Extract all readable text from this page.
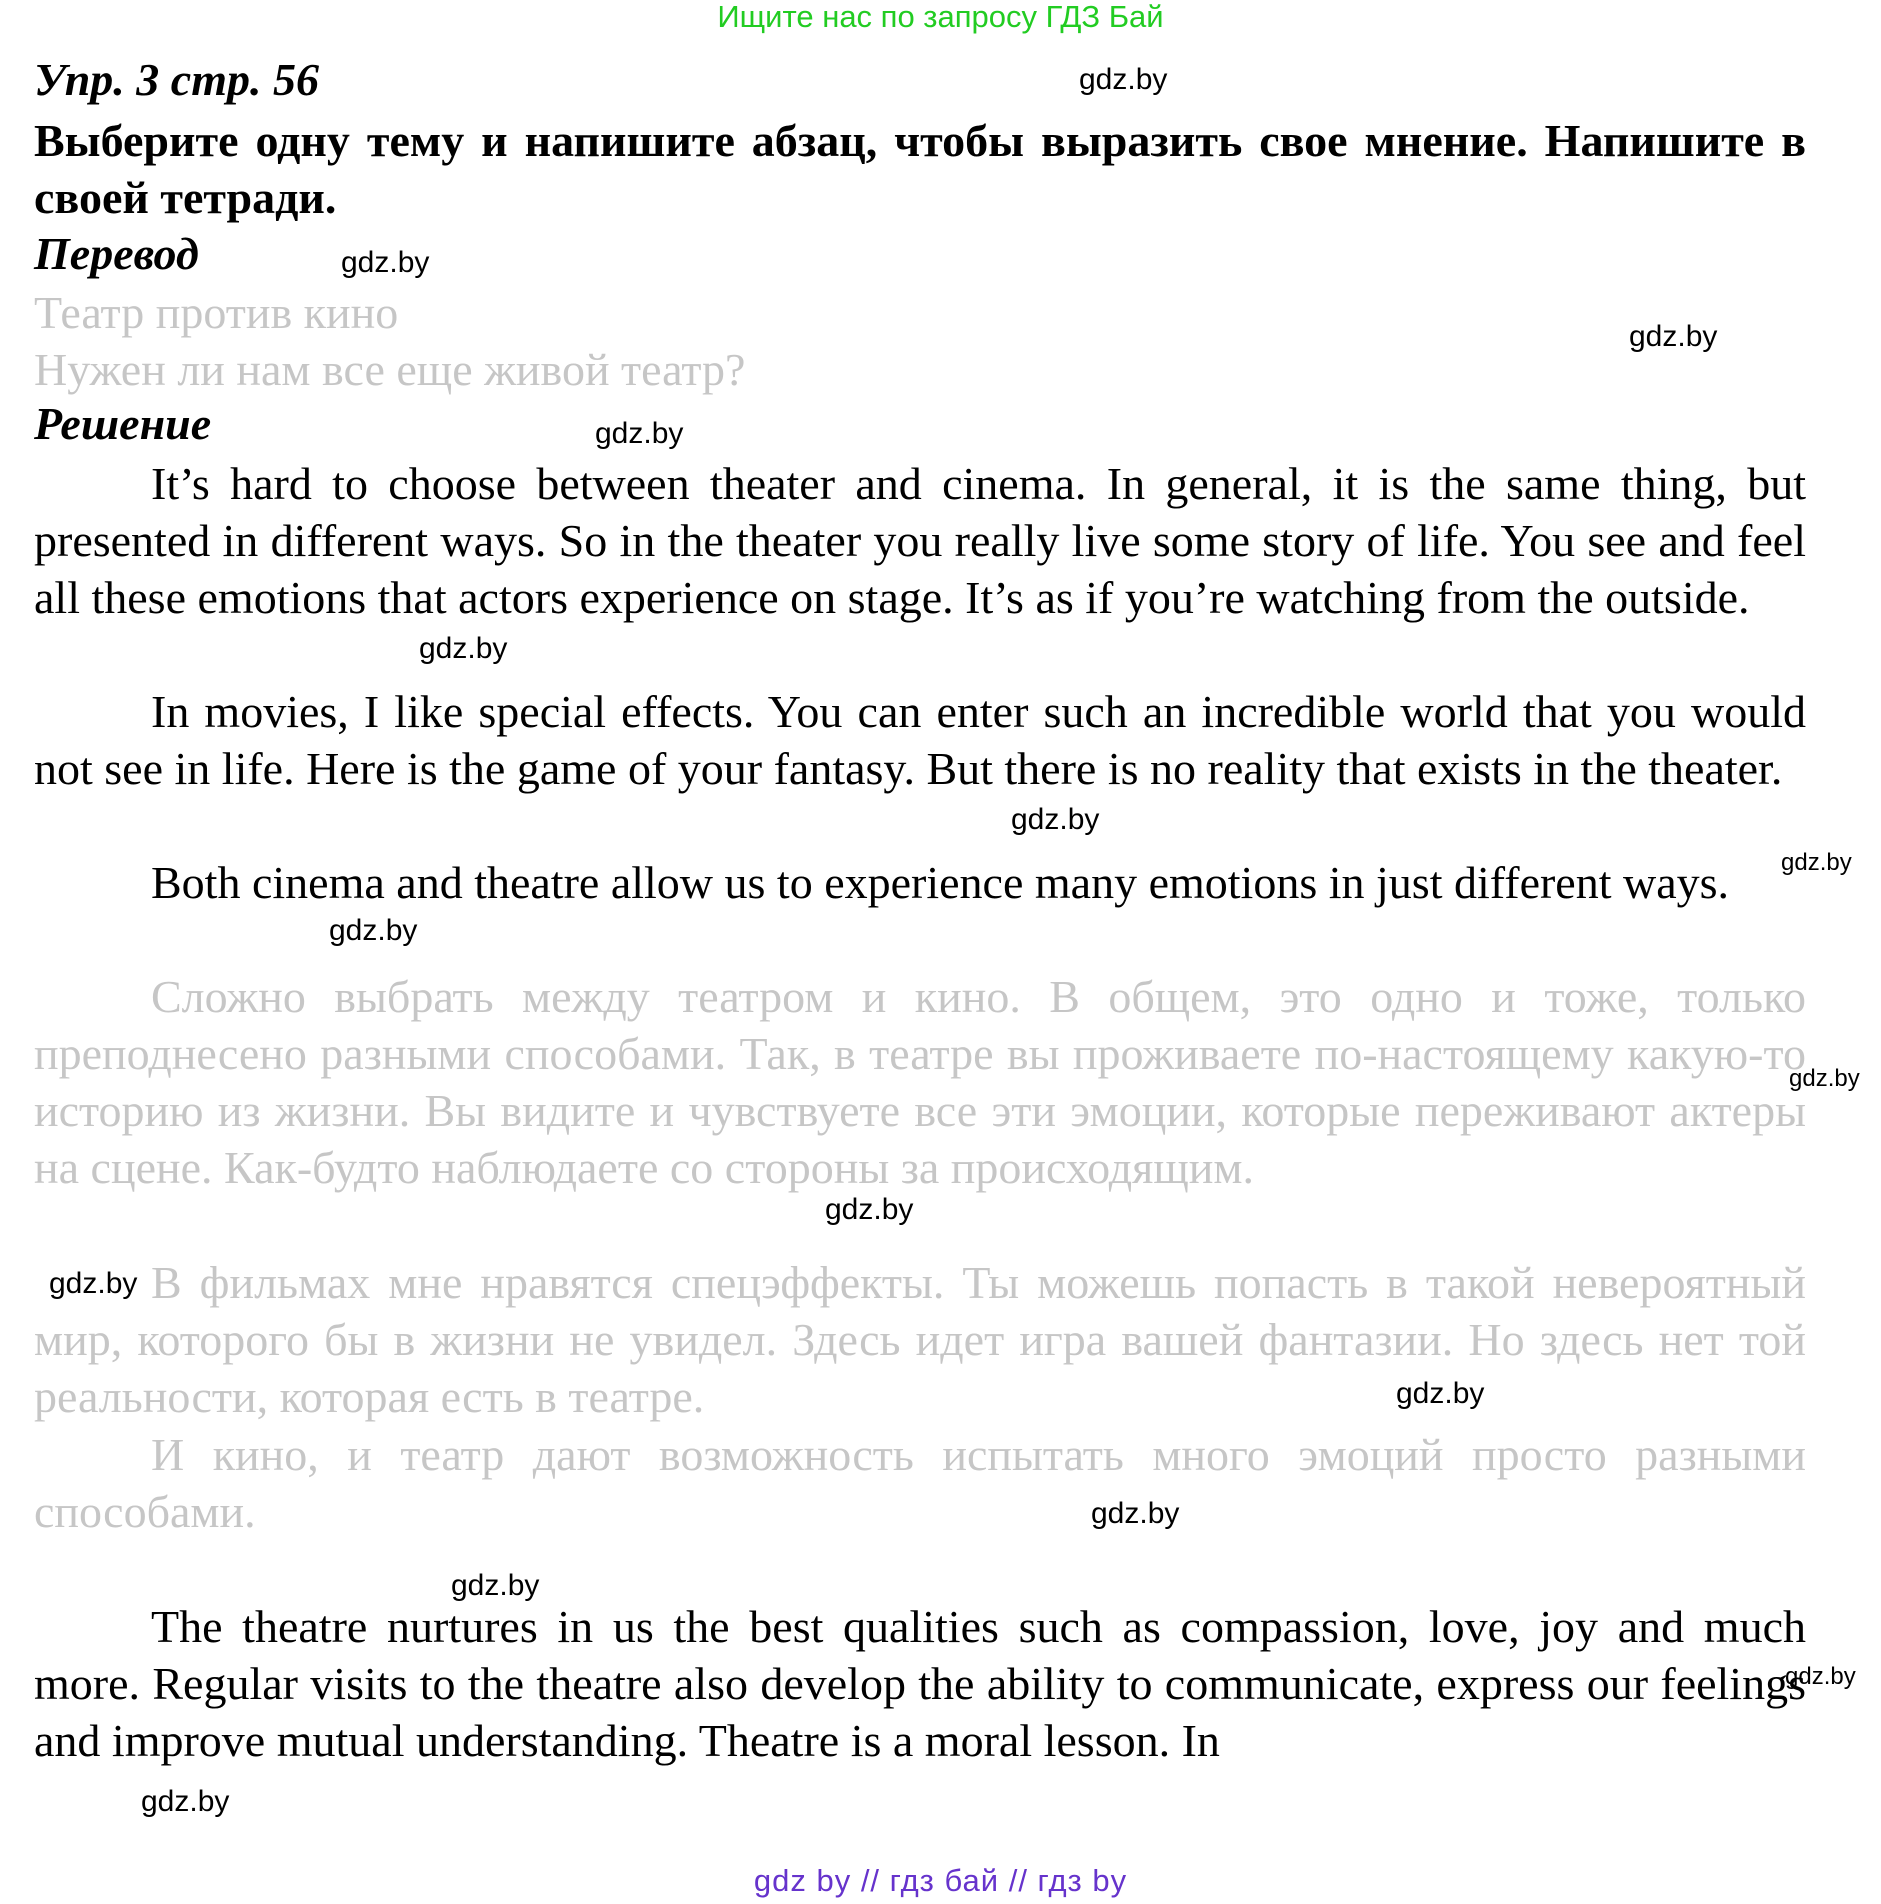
Ищите нас по запросу ГДЗ Бай
Упр. 3 стр. 56	gdz.by
Выберите одну тему и напишите абзац, чтобы выразить свое мнение. Напишите в своей тетради.
Перевод	gdz.by
Театр против кино	gdz.by
Нужен ли нам все еще живой театр?
Решение	gdz.by
It’s hard to choose between theater and cinema. In general, it is the same thing, but presented in different ways. So in the theater you really live some story of life. You see and feel all these emotions that actors experience on stage. It’s as if you’re watching from the outside.
gdz.by
In movies, I like special effects. You can enter such an incredible world that you would not see in life. Here is the game of your fantasy. But there is no reality that exists in the theater.
gdz.by
Both cinema and theatre allow us to experience many emotions in just different ways.	gdz.by
gdz.by
Сложно выбрать между театром и кино. В общем, это одно и тоже, только преподнесено разными способами. Так, в театре вы проживаете по-настоящему какую-то историю из жизни. Вы видите и чувствуете все эти эмоции, которые переживают актеры на сцене. Как-будто наблюдаете со стороны за происходящим.
gdz.by
gdz.by
В фильмах мне нравятся спецэффекты. Ты можешь попасть в такой невероятный мир, которого бы в жизни не увидел. Здесь идет игра вашей фантазии. Но здесь нет той реальности, которая есть в театре.
gdz.by
gdz.by
И кино, и театр дают возможность испытать много эмоций просто разными способами.	gdz.by
gdz.by
The theatre nurtures in us the best qualities such as compassion, love, joy and much more. Regular visits to the theatre also develop the ability to communicate, express our feelings and improve mutual understanding. Theatre is a moral lesson. In
gdz.by
gdz.by
gdz by // гдз бай // гдз by
